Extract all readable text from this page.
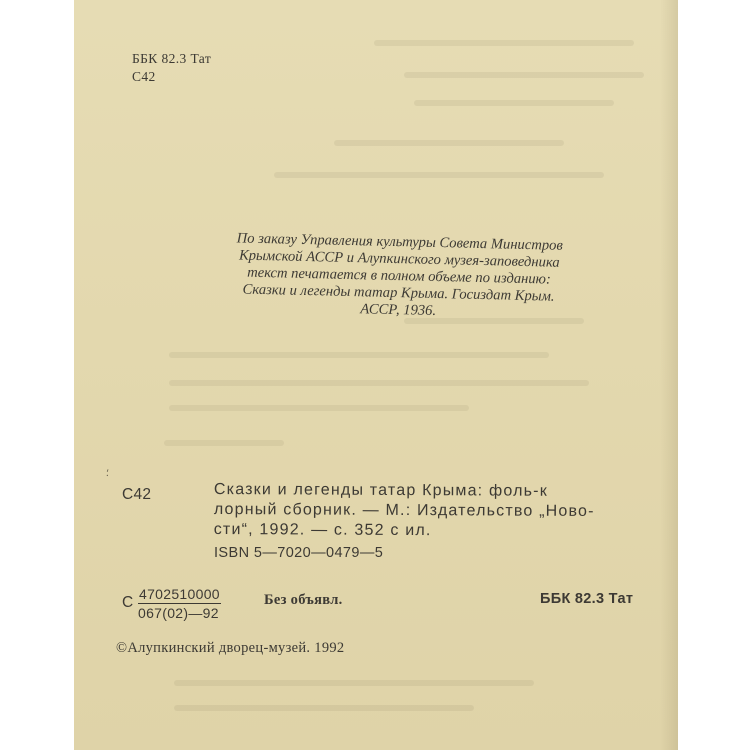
ББК 82.3 Тат
С42
По заказу Управления культуры Совета Министров
Крымской АССР и Алупкинского музея-заповедника
текст печатается в полном объеме по изданию:
Сказки и легенды татар Крыма. Госиздат Крым.
АССР, 1936.
⸵
С42	Сказки и легенды татар Крыма: фоль-к
лорный сборник. — М.: Издательство „Ново-
сти“, 1992. — с. 352 с ил.
ISBN 5—7020—0479—5
С $\frac{4702510000}{067(02)—92}$	Без объявл.	ББК 82.3 Тат
©Алупкинский дворец-музей. 1992
